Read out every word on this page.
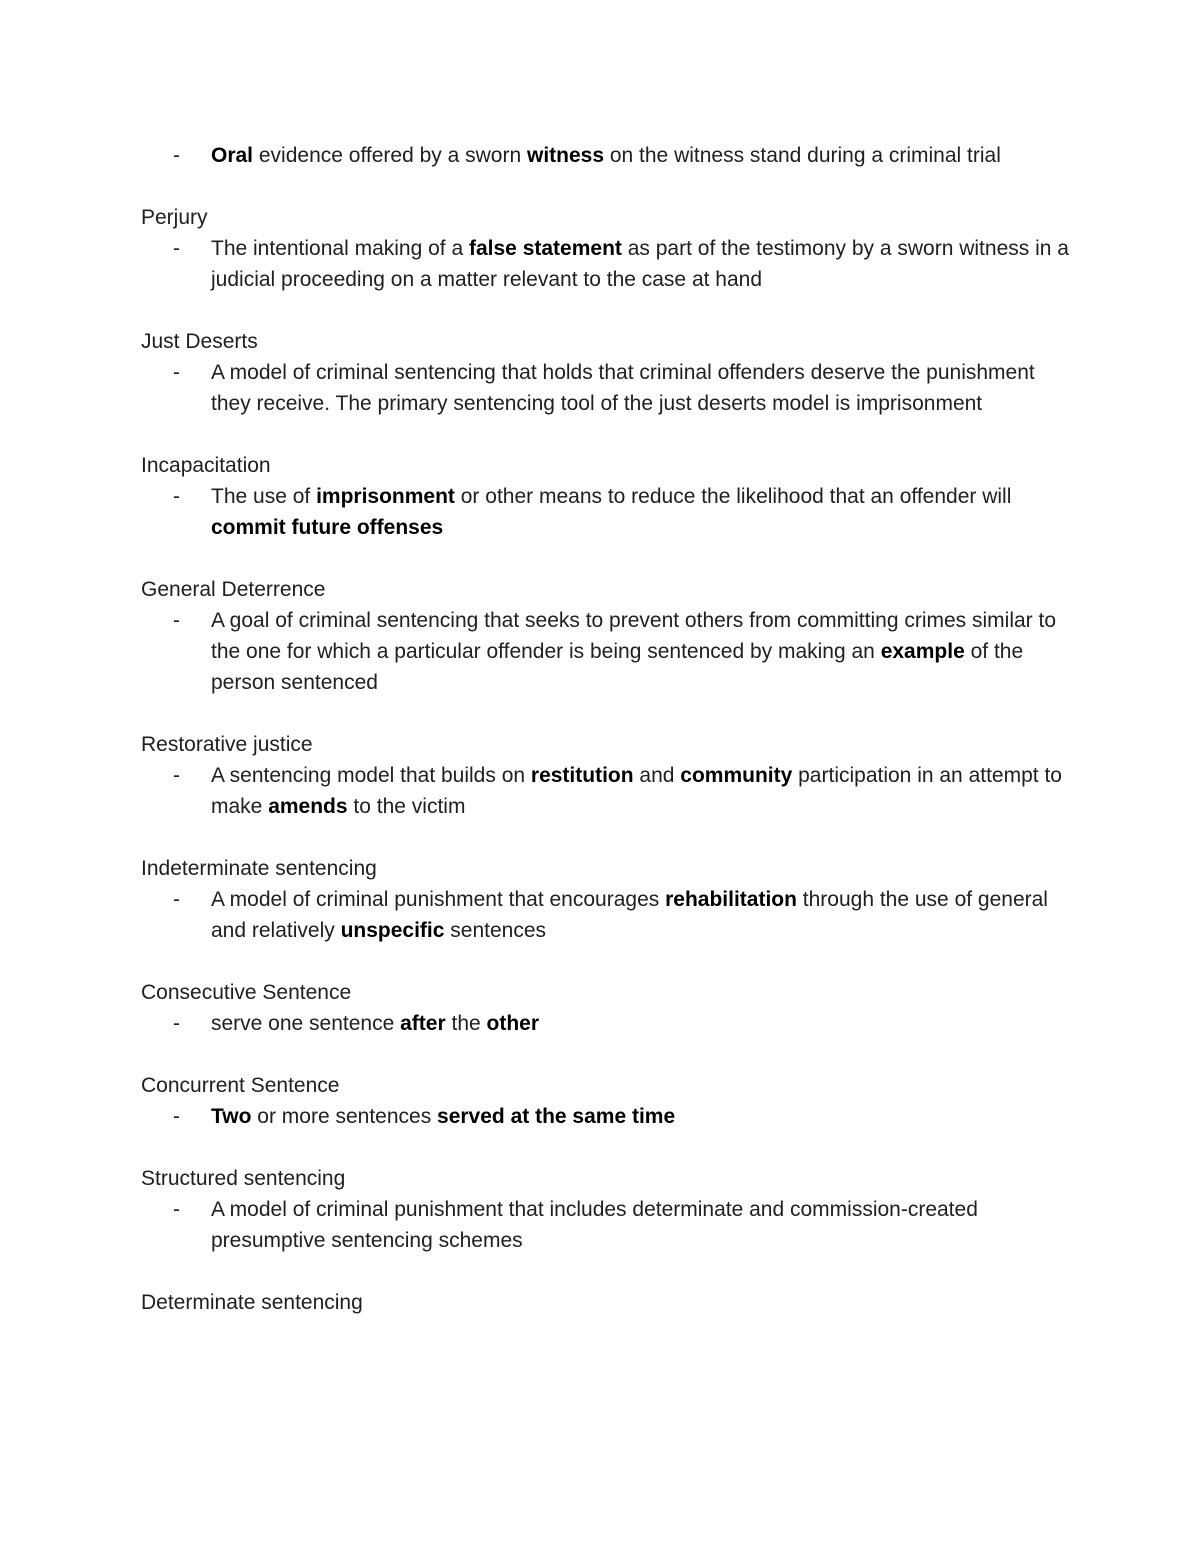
- Oral evidence offered by a sworn witness on the witness stand during a criminal trial

Perjury

- The intentional making of a false statement as part of the testimony by a sworn witness in a judicial proceeding on a matter relevant to the case at hand

Just Deserts

- A model of criminal sentencing that holds that criminal offenders deserve the punishment they receive. The primary sentencing tool of the just deserts model is imprisonment

Incapacitation

- The use of imprisonment or other means to reduce the likelihood that an offender will commit future offenses

General Deterrence

- A goal of criminal sentencing that seeks to prevent others from committing crimes similar to the one for which a particular offender is being sentenced by making an example of the person sentenced

Restorative justice

- A sentencing model that builds on restitution and community participation in an attempt to make amends to the victim

Indeterminate sentencing

- A model of criminal punishment that encourages rehabilitation through the use of general and relatively unspecific sentences

Consecutive Sentence

- serve one sentence after the other

Concurrent Sentence

- Two or more sentences served at the same time

Structured sentencing

- A model of criminal punishment that includes determinate and commission-created presumptive sentencing schemes

Determinate sentencing
